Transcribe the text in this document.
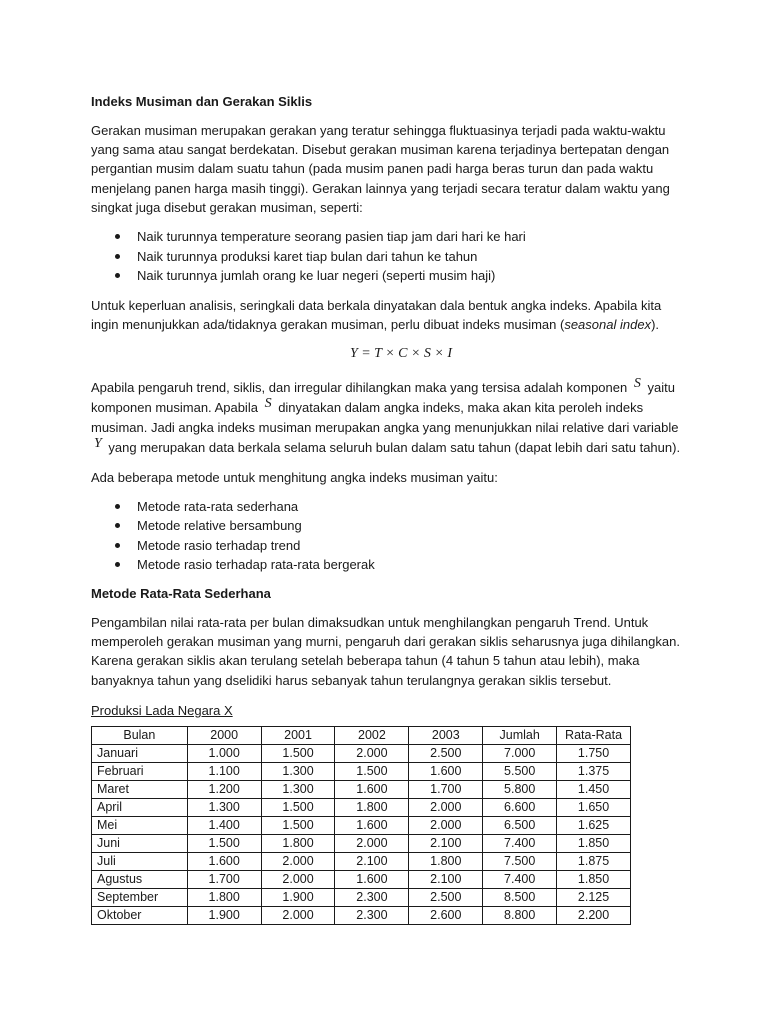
Indeks Musiman dan Gerakan Siklis

Gerakan musiman merupakan gerakan yang teratur sehingga fluktuasinya terjadi pada waktu-waktu yang sama atau sangat berdekatan. Disebut gerakan musiman karena terjadinya bertepatan dengan pergantian musim dalam suatu tahun (pada musim panen padi harga beras turun dan pada waktu menjelang panen harga masih tinggi). Gerakan lainnya yang terjadi secara teratur dalam waktu yang singkat juga disebut gerakan musiman, seperti:

Naik turunnya temperature seorang pasien tiap jam dari hari ke hari
Naik turunnya produksi karet tiap bulan dari tahun ke tahun
Naik turunnya jumlah orang ke luar negeri (seperti musim haji)

Untuk keperluan analisis, seringkali data berkala dinyatakan dala bentuk angka indeks. Apabila kita ingin menunjukkan ada/tidaknya gerakan musiman, perlu dibuat indeks musiman (seasonal index).

Y = T × C × S × I

Apabila pengaruh trend, siklis, dan irregular dihilangkan maka yang tersisa adalah komponen S yaitu komponen musiman. Apabila S dinyatakan dalam angka indeks, maka akan kita peroleh indeks musiman. Jadi angka indeks musiman merupakan angka yang menunjukkan nilai relative dari variable Y yang merupakan data berkala selama seluruh bulan dalam satu tahun (dapat lebih dari satu tahun).

Ada beberapa metode untuk menghitung angka indeks musiman yaitu:

Metode rata-rata sederhana
Metode relative bersambung
Metode rasio terhadap trend
Metode rasio terhadap rata-rata bergerak
Metode Rata-Rata Sederhana

Pengambilan nilai rata-rata per bulan dimaksudkan untuk menghilangkan pengaruh Trend. Untuk memperoleh gerakan musiman yang murni, pengaruh dari gerakan siklis seharusnya juga dihilangkan. Karena gerakan siklis akan terulang setelah beberapa tahun (4 tahun 5 tahun atau lebih), maka banyaknya tahun yang dselidiki harus sebanyak tahun terulangnya gerakan siklis tersebut.

Produksi Lada Negara X
Bulan	2000	2001	2002	2003	Jumlah	Rata-Rata
Januari	1.000	1.500	2.000	2.500	7.000	1.750
Februari	1.100	1.300	1.500	1.600	5.500	1.375
Maret	1.200	1.300	1.600	1.700	5.800	1.450
April	1.300	1.500	1.800	2.000	6.600	1.650
Mei	1.400	1.500	1.600	2.000	6.500	1.625
Juni	1.500	1.800	2.000	2.100	7.400	1.850
Juli	1.600	2.000	2.100	1.800	7.500	1.875
Agustus	1.700	2.000	1.600	2.100	7.400	1.850
September	1.800	1.900	2.300	2.500	8.500	2.125
Oktober	1.900	2.000	2.300	2.600	8.800	2.200
